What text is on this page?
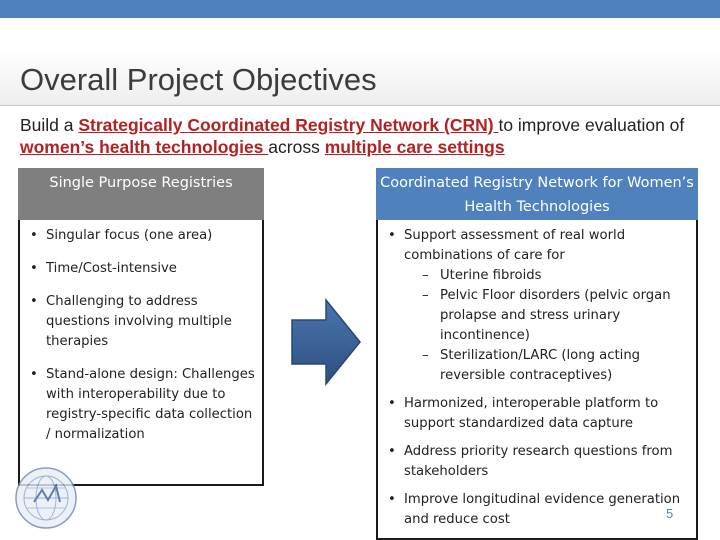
Overall Project Objectives
Build a Strategically Coordinated Registry Network (CRN) to improve evaluation of women’s health technologies across multiple care settings
Single Purpose Registries
• Singular focus (one area)
• Time/Cost-intensive
• Challenging to address questions involving multiple therapies
• Stand-alone design: Challenges with interoperability due to registry-specific data collection / normalization
Coordinated Registry Network for Women’s Health Technologies
• Support assessment of real world combinations of care for
– Uterine fibroids
– Pelvic Floor disorders (pelvic organ prolapse and stress urinary incontinence)
– Sterilization/LARC (long acting reversible contraceptives)
• Harmonized, interoperable platform to support standardized data capture
• Address priority research questions from stakeholders
• Improve longitudinal evidence generation and reduce cost	5
